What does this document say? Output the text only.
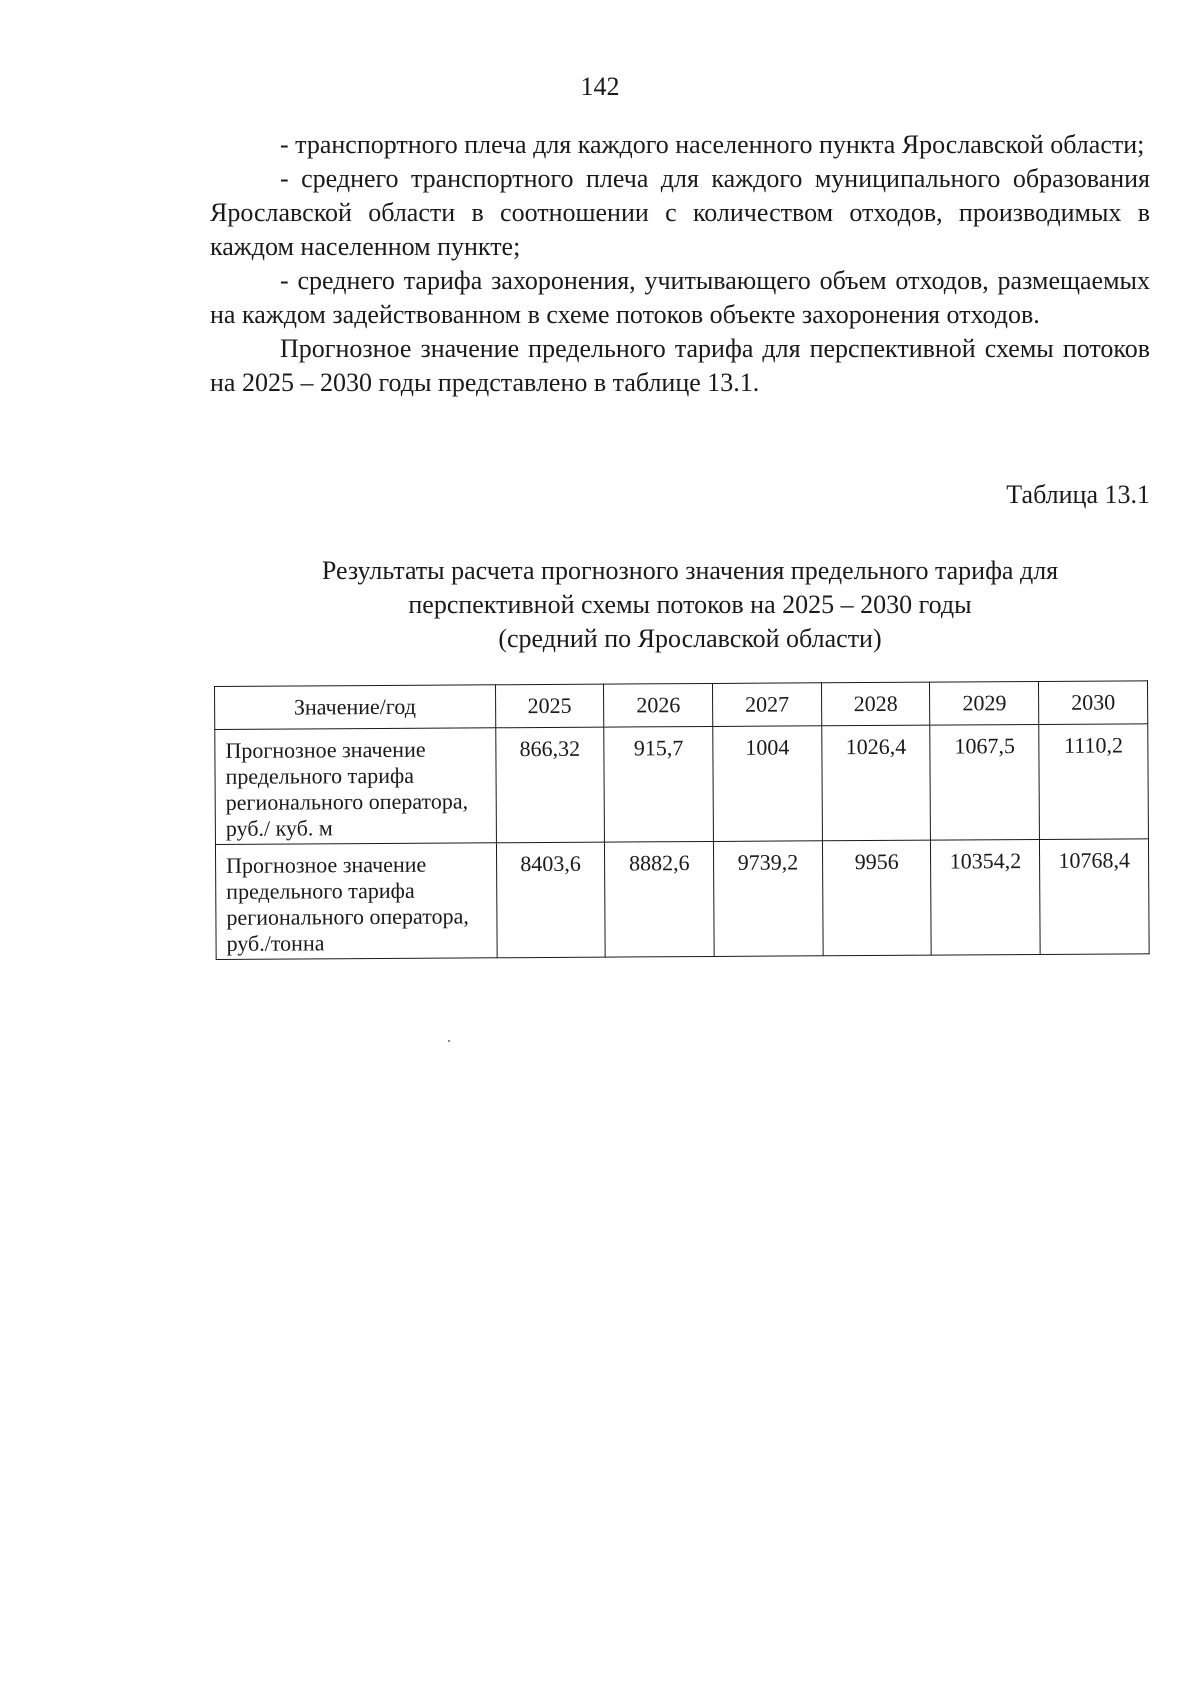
142

- транспортного плеча для каждого населенного пункта Ярославской области;

- среднего транспортного плеча для каждого муниципального образования Ярославской области в соотношении с количеством отходов, производимых в каждом населенном пункте;

- среднего тарифа захоронения, учитывающего объем отходов, размещаемых на каждом задействованном в схеме потоков объекте захоронения отходов.

Прогнозное значение предельного тарифа для перспективной схемы потоков на 2025 – 2030 годы представлено в таблице 13.1.

Таблица 13.1
Результаты расчета прогнозного значения предельного тарифа для
перспективной схемы потоков на 2025 – 2030 годы
(средний по Ярославской области)
Значение/год	2025	2026	2027	2028	2029	2030

Прогнозное значение
предельного тарифа
регионального оператора,
руб./ куб. м	866,32	915,7	1004	1026,4	1067,5	1110,2

Прогнозное значение
предельного тарифа
регионального оператора,
руб./тонна	8403,6	8882,6	9739,2	9956	10354,2	10768,4
